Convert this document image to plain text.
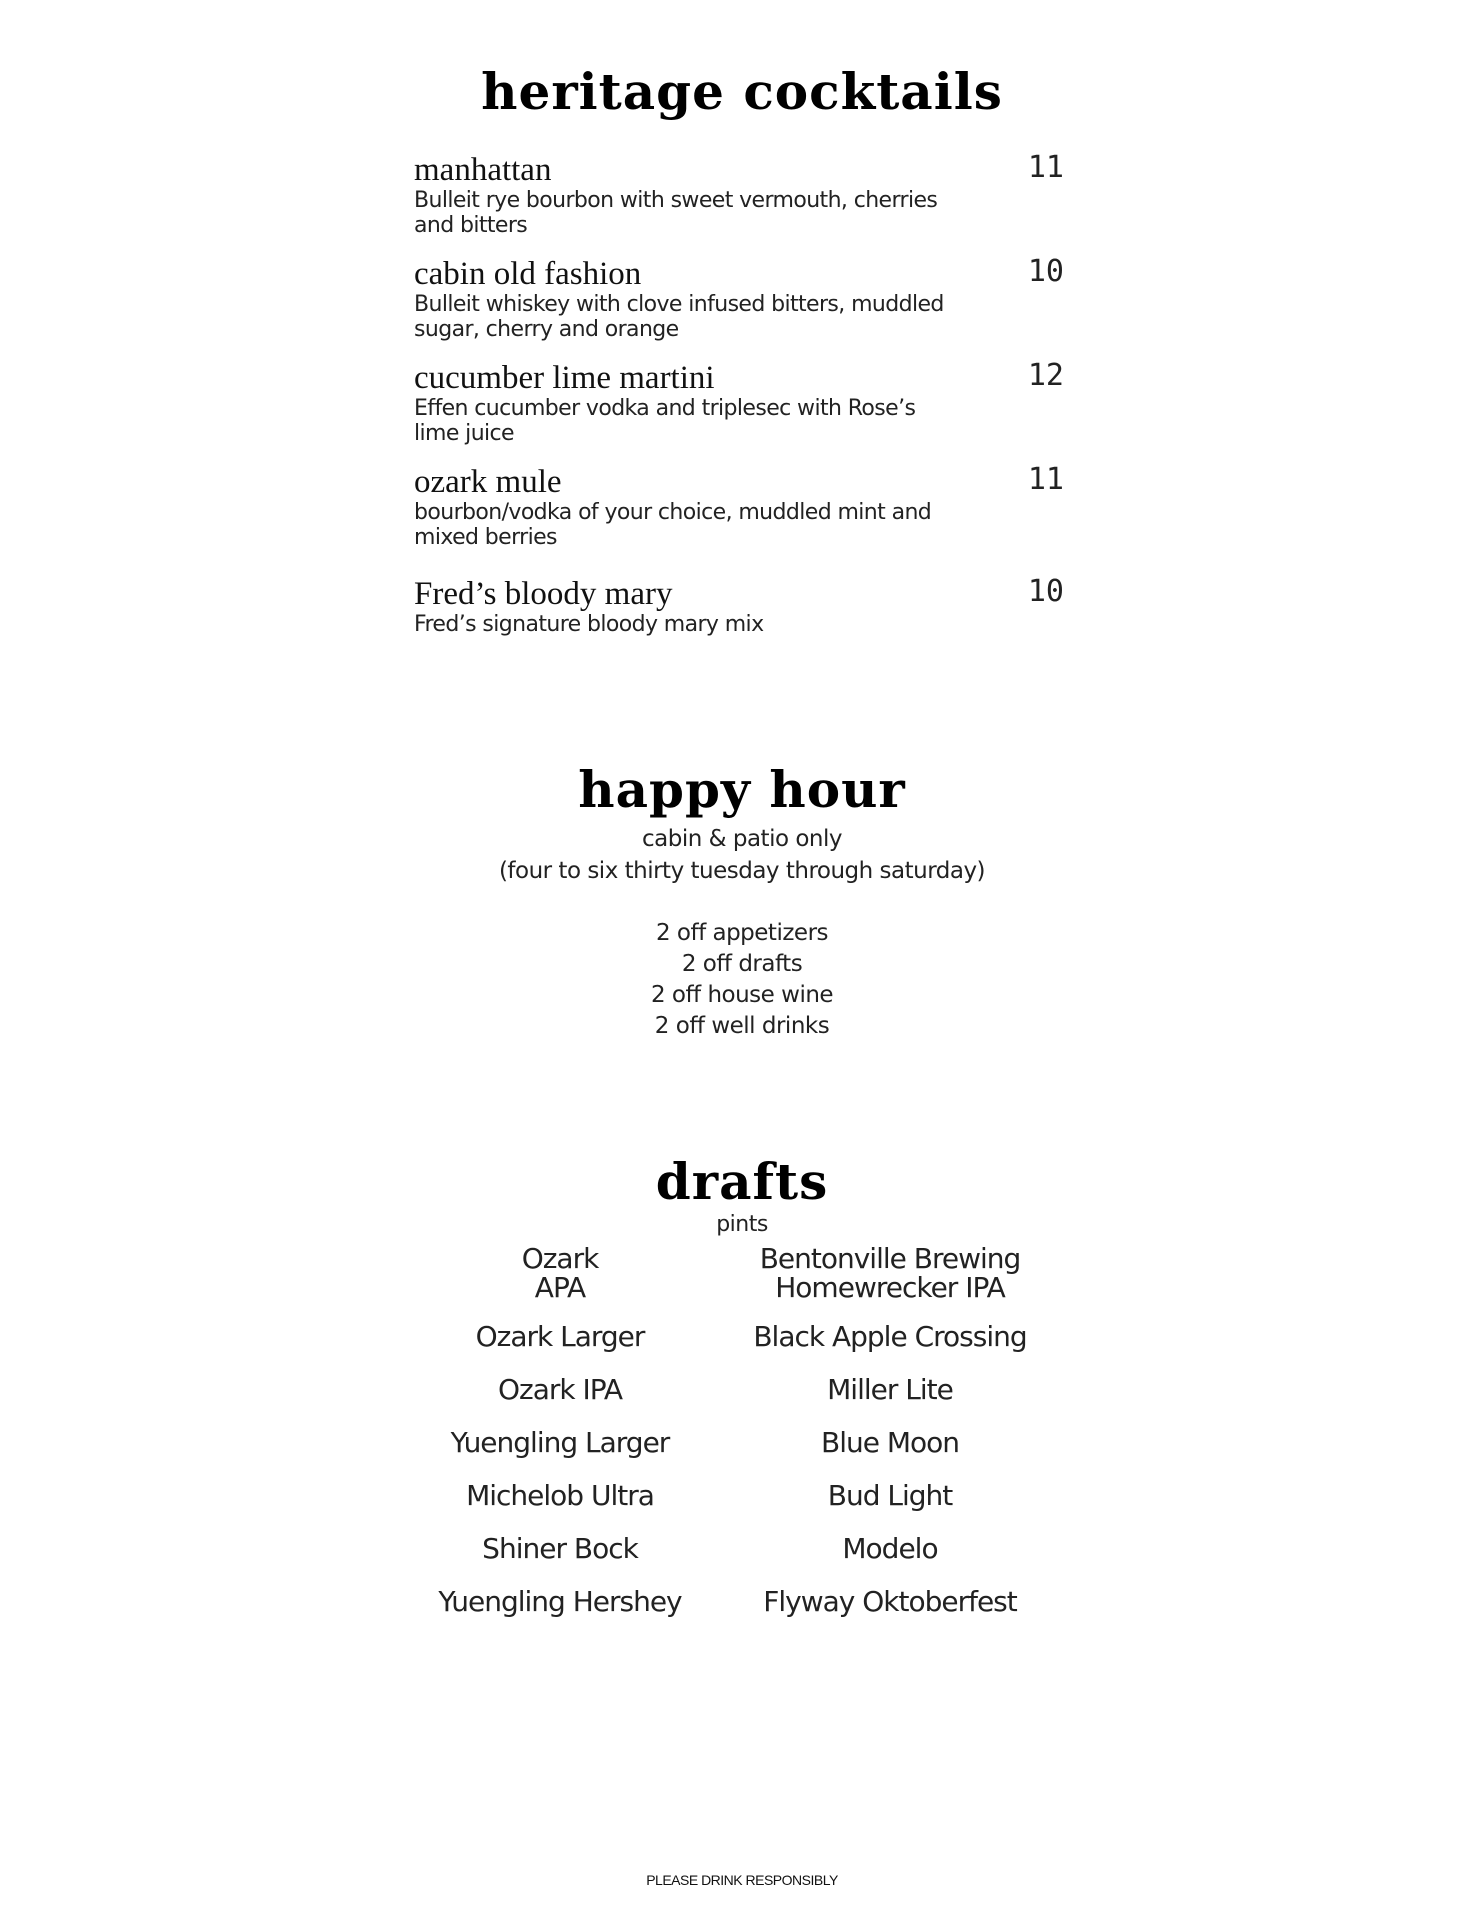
heritage cocktails
manhattan
Bulleit rye bourbon with sweet vermouth, cherries and bitters
11
cabin old fashion
Bulleit whiskey with clove infused bitters, muddled sugar, cherry and orange
10
cucumber lime martini
Effen cucumber vodka and triplesec with Rose’s lime juice
12
ozark mule
bourbon/vodka of your choice, muddled mint and mixed berries
11
Fred’s bloody mary
Fred’s signature bloody mary mix
10
happy hour
cabin & patio only
(four to six thirty tuesday through saturday)
2 off appetizers
2 off drafts
2 off house wine
2 off well drinks
drafts
pints
Ozark
APA
Ozark Larger
Ozark IPA
Yuengling Larger
Michelob Ultra
Shiner Bock
Yuengling Hershey
Bentonville Brewing
Homewrecker IPA
Black Apple Crossing
Miller Lite
Blue Moon
Bud Light
Modelo
Flyway Oktoberfest
PLEASE DRINK RESPONSIBLY
